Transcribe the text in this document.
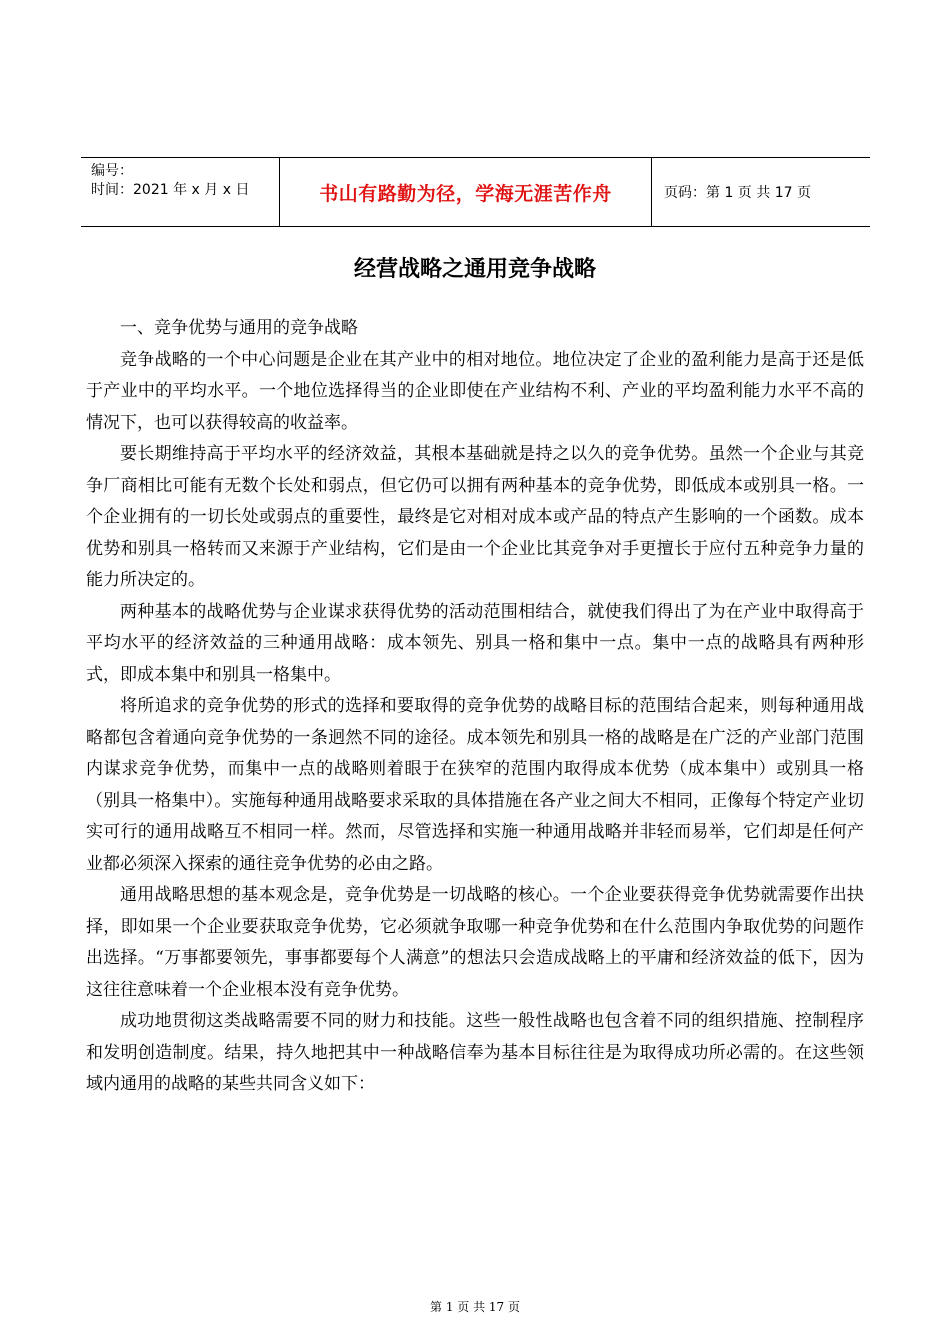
编号：
时间：2021 年 x 月 x 日	书山有路勤为径，学海无涯苦作舟	页码：第 1 页 共 17 页
经营战略之通用竞争战略

一、竞争优势与通用的竞争战略

竞争战略的一个中心问题是企业在其产业中的相对地位。地位决定了企业的盈利能力是高于还是低于产业中的平均水平。一个地位选择得当的企业即使在产业结构不利、产业的平均盈利能力水平不高的情况下，也可以获得较高的收益率。

要长期维持高于平均水平的经济效益，其根本基础就是持之以久的竞争优势。虽然一个企业与其竞争厂商相比可能有无数个长处和弱点，但它仍可以拥有两种基本的竞争优势，即低成本或别具一格。一个企业拥有的一切长处或弱点的重要性，最终是它对相对成本或产品的特点产生影响的一个函数。成本优势和别具一格转而又来源于产业结构，它们是由一个企业比其竞争对手更擅长于应付五种竞争力量的能力所决定的。

两种基本的战略优势与企业谋求获得优势的活动范围相结合，就使我们得出了为在产业中取得高于平均水平的经济效益的三种通用战略：成本领先、别具一格和集中一点。集中一点的战略具有两种形式，即成本集中和别具一格集中。

将所追求的竞争优势的形式的选择和要取得的竞争优势的战略目标的范围结合起来，则每种通用战略都包含着通向竞争优势的一条迥然不同的途径。成本领先和别具一格的战略是在广泛的产业部门范围内谋求竞争优势，而集中一点的战略则着眼于在狭窄的范围内取得成本优势（成本集中）或别具一格（别具一格集中）。实施每种通用战略要求采取的具体措施在各产业之间大不相同，正像每个特定产业切实可行的通用战略互不相同一样。然而，尽管选择和实施一种通用战略并非轻而易举，它们却是任何产业都必须深入探索的通往竞争优势的必由之路。

通用战略思想的基本观念是，竞争优势是一切战略的核心。一个企业要获得竞争优势就需要作出抉择，即如果一个企业要获取竞争优势，它必须就争取哪一种竞争优势和在什么范围内争取优势的问题作出选择。“万事都要领先，事事都要每个人满意”的想法只会造成战略上的平庸和经济效益的低下，因为这往往意味着一个企业根本没有竞争优势。

成功地贯彻这类战略需要不同的财力和技能。这些一般性战略也包含着不同的组织措施、控制程序和发明创造制度。结果，持久地把其中一种战略信奉为基本目标往往是为取得成功所必需的。在这些领域内通用的战略的某些共同含义如下：

第 1 页 共 17 页
